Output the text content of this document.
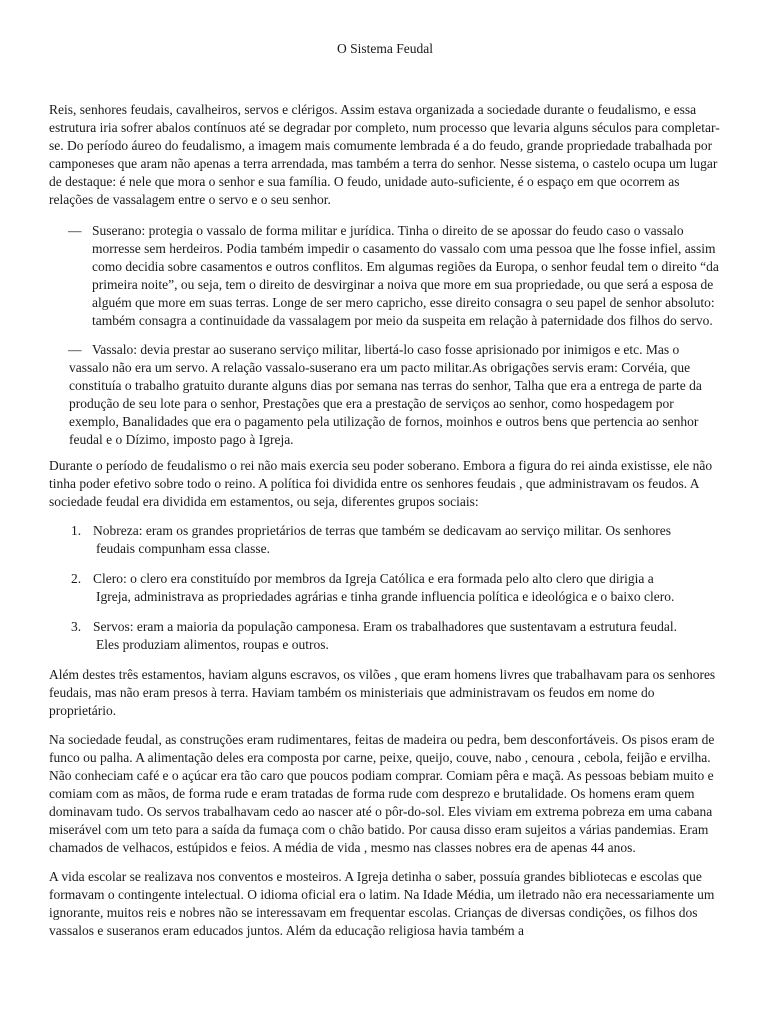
O Sistema Feudal

Reis, senhores feudais, cavalheiros, servos e clérigos. Assim estava organizada a sociedade durante o feudalismo, e essa estrutura iria sofrer abalos contínuos até se degradar por completo, num processo que levaria alguns séculos para completar-se. Do período áureo do feudalismo, a imagem mais comumente lembrada é a do feudo, grande propriedade trabalhada por camponeses que aram não apenas a terra arrendada, mas também a terra do senhor. Nesse sistema, o castelo ocupa um lugar de destaque: é nele que mora o senhor e sua família. O feudo, unidade auto-suficiente, é o espaço em que ocorrem as relações de vassalagem entre o servo e o seu senhor.

— Suserano: protegia o vassalo de forma militar e jurídica. Tinha o direito de se apossar do feudo caso o vassalo morresse sem herdeiros. Podia também impedir o casamento do vassalo com uma pessoa que lhe fosse infiel, assim como decidia sobre casamentos e outros conflitos. Em algumas regiões da Europa, o senhor feudal tem o direito “da primeira noite”, ou seja, tem o direito de desvirginar a noiva que more em sua propriedade, ou que será a esposa de alguém que more em suas terras. Longe de ser mero capricho, esse direito consagra o seu papel de senhor absoluto: também consagra a continuidade da vassalagem por meio da suspeita em relação à paternidade dos filhos do servo.
— Vassalo: devia prestar ao suserano serviço militar, libertá-lo caso fosse aprisionado por inimigos e etc. Mas o vassalo não era um servo. A relação vassalo-suserano era um pacto militar.As obrigações servis eram: Corvéia, que constituía o trabalho gratuito durante alguns dias por semana nas terras do senhor, Talha que era a entrega de parte da produção de seu lote para o senhor, Prestações que era a prestação de serviços ao senhor, como hospedagem por exemplo, Banalidades que era o pagamento pela utilização de fornos, moinhos e outros bens que pertencia ao senhor feudal e o Dízimo, imposto pago à Igreja.

Durante o período de feudalismo o rei não mais exercia seu poder soberano. Embora a figura do rei ainda existisse, ele não tinha poder efetivo sobre todo o reino. A política foi dividida entre os senhores feudais , que administravam os feudos. A sociedade feudal era dividida em estamentos, ou seja, diferentes grupos sociais:

1. Nobreza: eram os grandes proprietários de terras que também se dedicavam ao serviço militar. Os senhores
feudais compunham essa classe.
2. Clero: o clero era constituído por membros da Igreja Católica e era formada pelo alto clero que dirigia a
Igreja, administrava as propriedades agrárias e tinha grande influencia política e ideológica e o baixo clero.
3. Servos: eram a maioria da população camponesa. Eram os trabalhadores que sustentavam a estrutura feudal.
Eles produziam alimentos, roupas e outros.

Além destes três estamentos, haviam alguns escravos, os vilões , que eram homens livres que trabalhavam para os senhores feudais, mas não eram presos à terra. Haviam também os ministeriais que administravam os feudos em nome do proprietário.

Na sociedade feudal, as construções eram rudimentares, feitas de madeira ou pedra, bem desconfortáveis. Os pisos eram de funco ou palha. A alimentação deles era composta por carne, peixe, queijo, couve, nabo , cenoura , cebola, feijão e ervilha. Não conheciam café e o açúcar era tão caro que poucos podiam comprar. Comiam pêra e maçã. As pessoas bebiam muito e comiam com as mãos, de forma rude e eram tratadas de forma rude com desprezo e brutalidade. Os homens eram quem dominavam tudo. Os servos trabalhavam cedo ao nascer até o pôr-do-sol. Eles viviam em extrema pobreza em uma cabana miserável com um teto para a saída da fumaça com o chão batido. Por causa disso eram sujeitos a várias pandemias. Eram chamados de velhacos, estúpidos e feios. A média de vida , mesmo nas classes nobres era de apenas 44 anos.

A vida escolar se realizava nos conventos e mosteiros. A Igreja detinha o saber, possuía grandes bibliotecas e escolas que formavam o contingente intelectual. O idioma oficial era o latim. Na Idade Média, um iletrado não era necessariamente um ignorante, muitos reis e nobres não se interessavam em frequentar escolas. Crianças de diversas condições, os filhos dos vassalos e suseranos eram educados juntos. Além da educação religiosa havia também a
